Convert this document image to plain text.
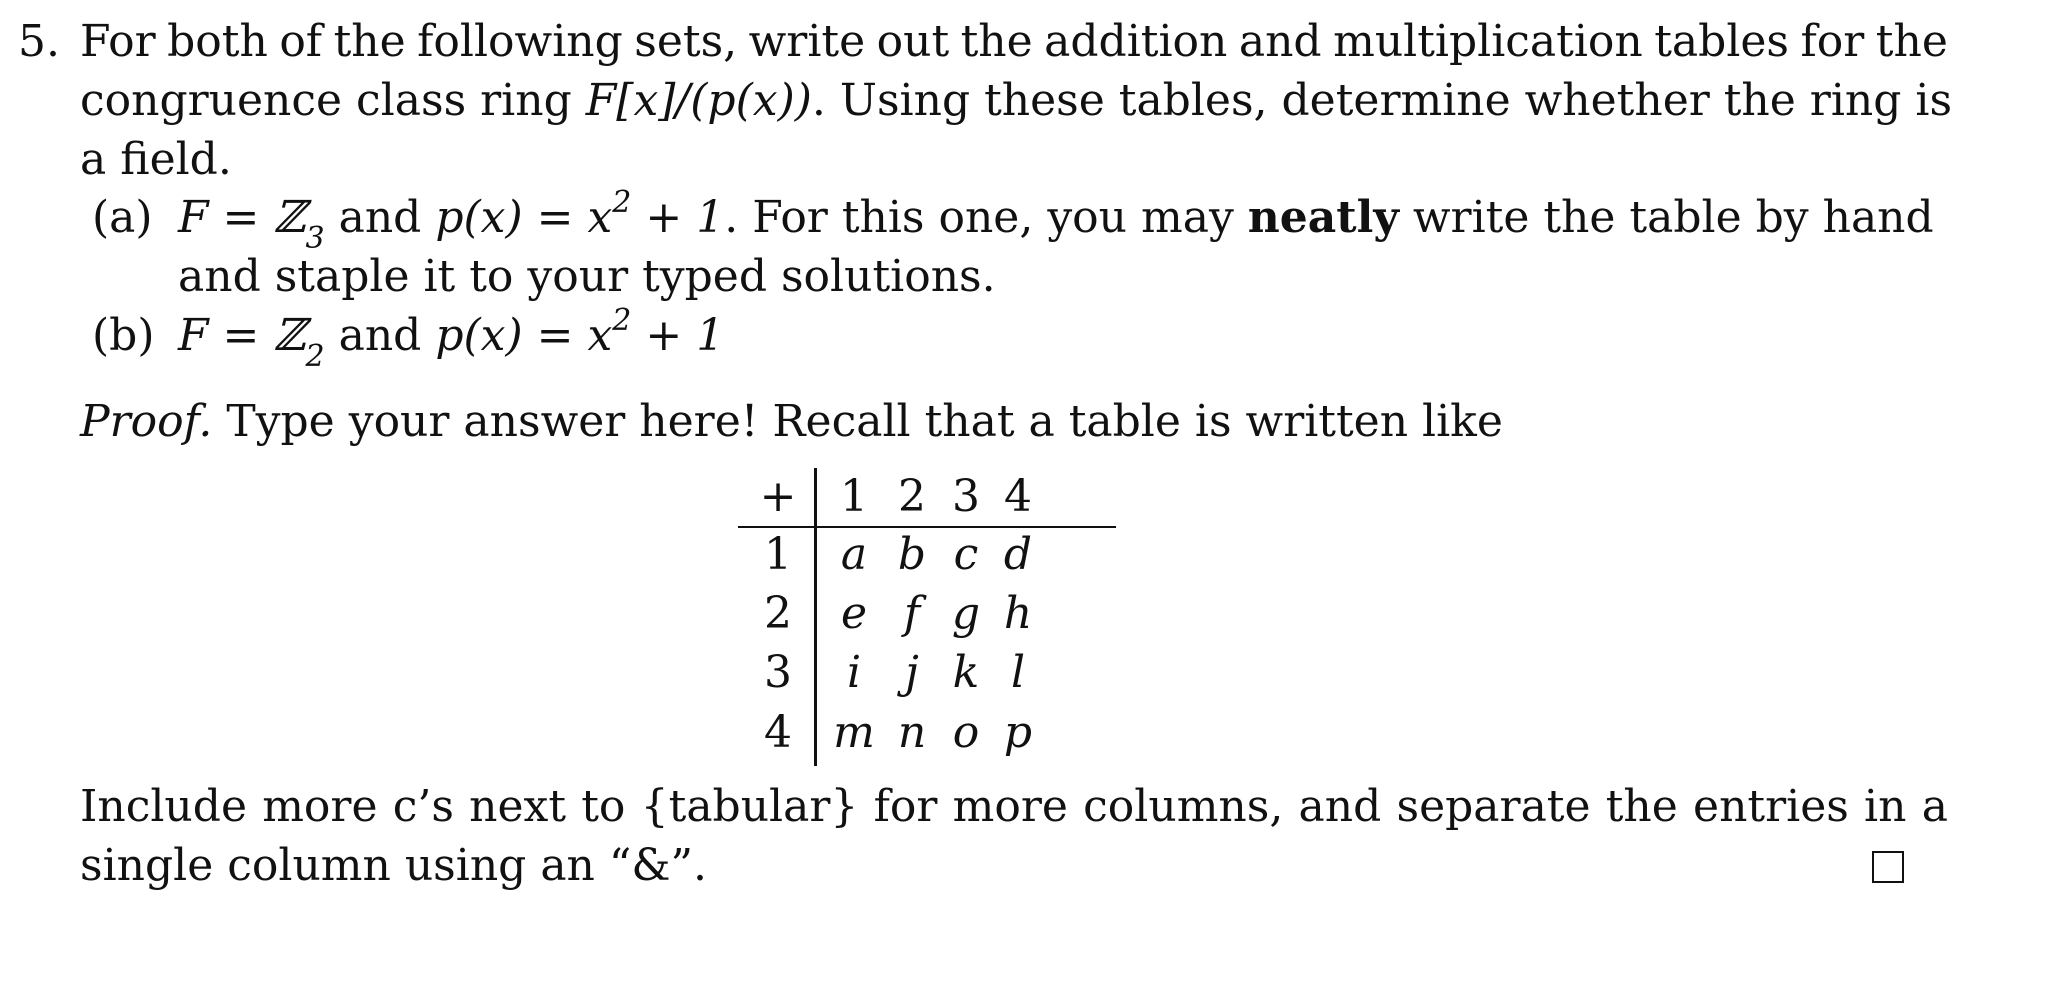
5. For both of the following sets, write out the addition and multiplication tables for the
congruence class ring F[x]/(p(x)). Using these tables, determine whether the ring is
a field.
(a) F = ℤ$_3$ and $p(x) = x^2 + 1$. For this one, you may neatly write the table by hand
and staple it to your typed solutions.
(b) F = ℤ$_2$ and $p(x) = x^2 + 1$
Proof. Type your answer here! Recall that a table is written like
+ 1 2 3 4
1	a b c d
2	e f g h
3	i	j k l
4 m n o p
Include more c’s next to {tabular} for more columns, and separate the entries in a
single column using an “&”.
